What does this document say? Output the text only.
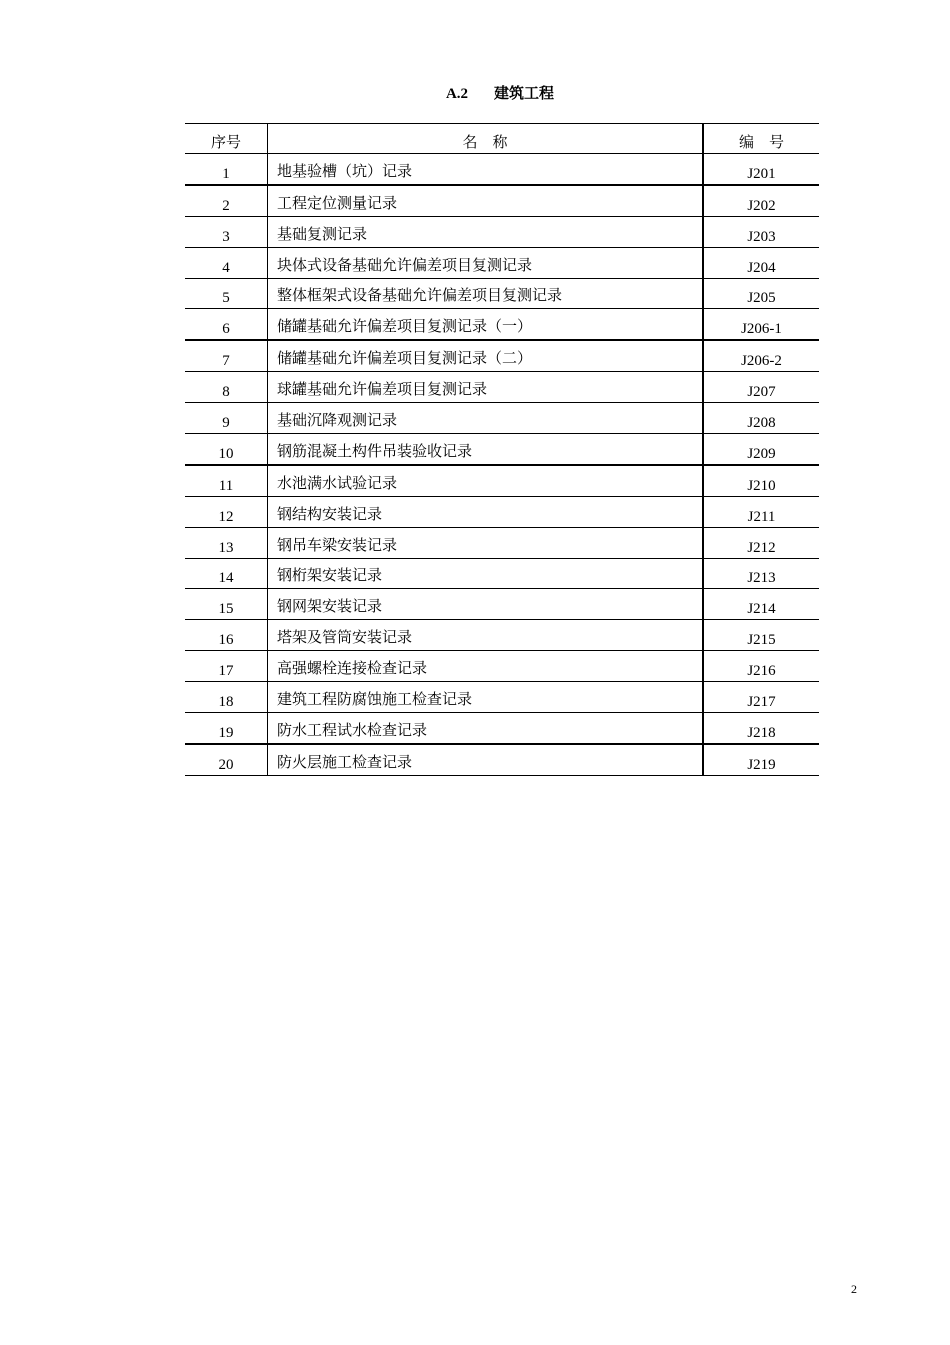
A.2 建筑工程
序号	名    称	编    号
1	地基验槽（坑）记录	J201
2	工程定位测量记录	J202
3	基础复测记录	J203
4	块体式设备基础允许偏差项目复测记录	J204
5	整体框架式设备基础允许偏差项目复测记录	J205
6	储罐基础允许偏差项目复测记录（一）	J206-1
7	储罐基础允许偏差项目复测记录（二）	J206-2
8	球罐基础允许偏差项目复测记录	J207
9	基础沉降观测记录	J208
10	钢筋混凝土构件吊装验收记录	J209
11	水池满水试验记录	J210
12	钢结构安装记录	J211
13	钢吊车梁安装记录	J212
14	钢桁架安装记录	J213
15	钢网架安装记录	J214
16	塔架及管筒安装记录	J215
17	高强螺栓连接检查记录	J216
18	建筑工程防腐蚀施工检查记录	J217
19	防水工程试水检查记录	J218
20	防火层施工检查记录	J219
2
